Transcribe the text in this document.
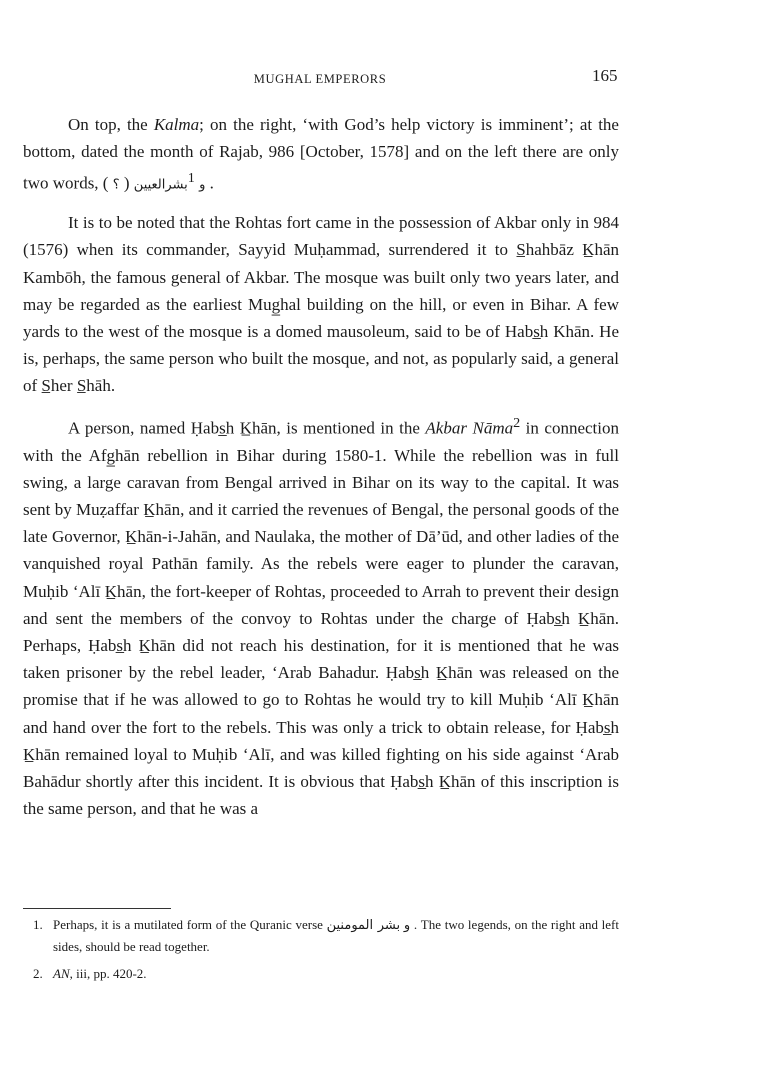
MUGHAL EMPERORS	165

On top, the Kalma; on the right, ‘with God’s help victory is imminent’; at the bottom, dated the month of Rajab, 986 [October, 1578] and on the left there are only two words, ( ؟ ) بشرالعيين$^1$ و .

It is to be noted that the Rohtas fort came in the possession of Akbar only in 984 (1576) when its commander, Sayyid Muḥammad, surrendered it to S̲hahbāz K̲hān Kambōh, the famous general of Akbar. The mosque was built only two years later, and may be regarded as the earliest Mug̲hal building on the hill, or even in Bihar. A few yards to the west of the mosque is a domed mausoleum, said to be of Habs̲h Khān. He is, perhaps, the same person who built the mosque, and not, as popularly said, a general of S̲her S̲hāh.

A person, named Ḥabs̲h K̲hān, is mentioned in the Akbar Nāma$^2$ in connection with the Afg̲hān rebellion in Bihar during 1580-1. While the rebellion was in full swing, a large caravan from Bengal arrived in Bihar on its way to the capital. It was sent by Muẓaffar K̲hān, and it carried the revenues of Bengal, the personal goods of the late Governor, K̲hān-i-Jahān, and Naulaka, the mother of Dā’ūd, and other ladies of the vanquished royal Pathān family. As the rebels were eager to plunder the caravan, Muḥib ‘Alī K̲hān, the fort-keeper of Rohtas, proceeded to Arrah to prevent their design and sent the members of the convoy to Rohtas under the charge of Ḥabs̲h K̲hān. Perhaps, Ḥabs̲h K̲hān did not reach his destination, for it is mentioned that he was taken prisoner by the rebel leader, ‘Arab Bahadur. Ḥabs̲h K̲hān was released on the promise that if he was allowed to go to Rohtas he would try to kill Muḥib ‘Alī K̲hān and hand over the fort to the rebels. This was only a trick to obtain release, for Ḥabs̲h K̲hān remained loyal to Muḥib ‘Alī, and was killed fighting on his side against ‘Arab Bahādur shortly after this incident. It is obvious that Ḥabs̲h K̲hān of this inscription is the same person, and that he was a

1. Perhaps, it is a mutilated form of the Quranic verse بشر المومنين و . The two legends, on the right and left sides, should be read together.
2. AN, iii, pp. 420-2.
